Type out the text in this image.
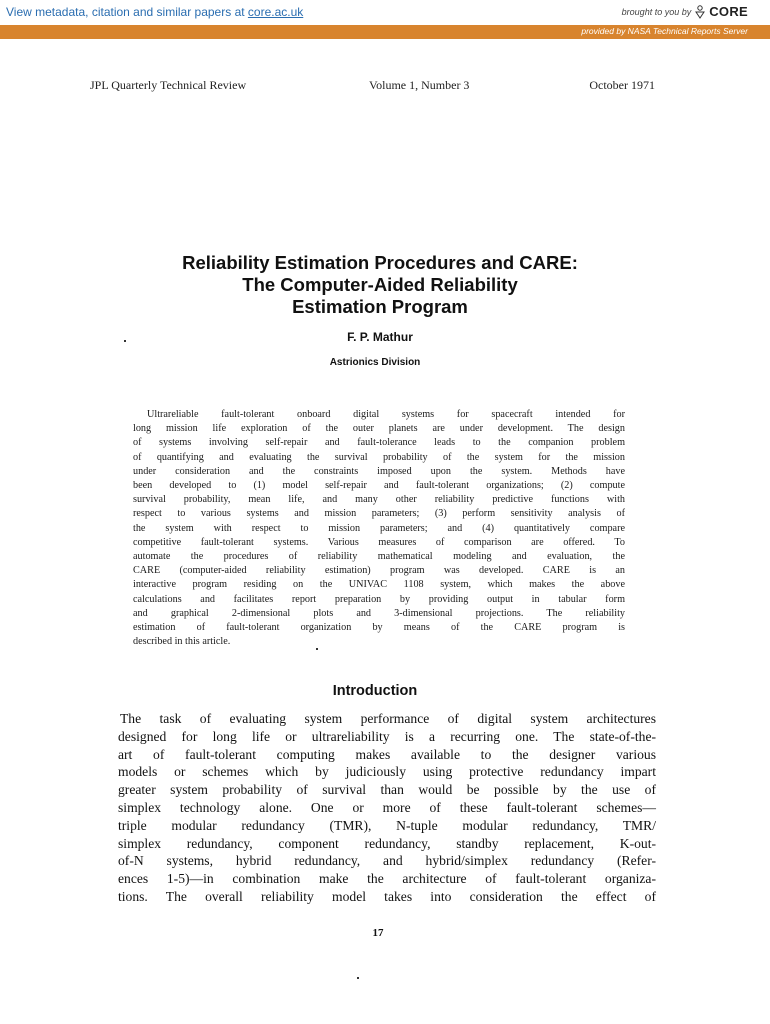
View metadata, citation and similar papers at core.ac.uk	brought to you by CORE
provided by NASA Technical Reports Server
JPL Quarterly Technical Review	Volume 1, Number 3	October 1971
Reliability Estimation Procedures and CARE:
The Computer-Aided Reliability
Estimation Program
F. P. Mathur
Astrionics Division
Ultrareliable fault-tolerant onboard digital systems for spacecraft intended for
long mission life exploration of the outer planets are under development. The design
of systems involving self-repair and fault-tolerance leads to the companion problem
of quantifying and evaluating the survival probability of the system for the mission
under consideration and the constraints imposed upon the system. Methods have
been developed to (1) model self-repair and fault-tolerant organizations; (2) compute
survival probability, mean life, and many other reliability predictive functions with
respect to various systems and mission parameters; (3) perform sensitivity analysis of
the system with respect to mission parameters; and (4) quantitatively compare
competitive fault-tolerant systems. Various measures of comparison are offered. To
automate the procedures of reliability mathematical modeling and evaluation, the
CARE (computer-aided reliability estimation) program was developed. CARE is an
interactive program residing on the UNIVAC 1108 system, which makes the above
calculations and facilitates report preparation by providing output in tabular form
and graphical 2-dimensional plots and 3-dimensional projections. The reliability
estimation of fault-tolerant organization by means of the CARE program is
described in this article.
Introduction
The task of evaluating system performance of digital system architectures
designed for long life or ultrareliability is a recurring one. The state-of-the-
art of fault-tolerant computing makes available to the designer various
models or schemes which by judiciously using protective redundancy impart
greater system probability of survival than would be possible by the use of
simplex technology alone. One or more of these fault-tolerant schemes—
triple modular redundancy (TMR), N-tuple modular redundancy, TMR/
simplex redundancy, component redundancy, standby replacement, K-out-
of-N systems, hybrid redundancy, and hybrid/simplex redundancy (Refer-
ences 1-5)—in combination make the architecture of fault-tolerant organiza-
tions. The overall reliability model takes into consideration the effect of
17
